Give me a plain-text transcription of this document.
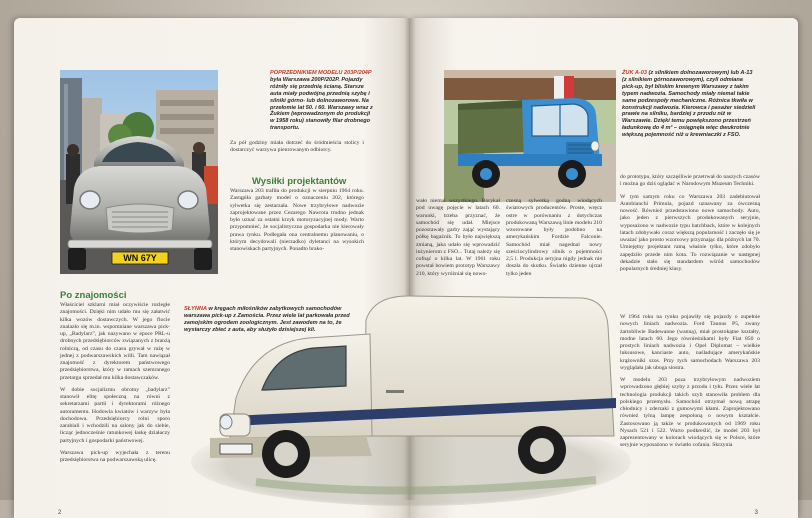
WN 67Y
POPRZEDNIKIEM MODELU 203P/204P była Warszawa 200P/202P. Pojazdy różniły się przednią ścianą. Starsze auta miały podwójną przednią szybę i silniki górno- lub dolnozaworowe. Na przełomie lat 50. i 60. Warszawy wraz z Żukiem (wprowadzonym do produkcji w 1958 roku) stanowiły filar drobnego transportu.

Za pół godziny miała dotrzeć do śródmieścia stolicy i dostarczyć warzywa pienrowanym odbiorcy.

Wysiłki projektantów

Warszawa 203 trafiła do produkcji w sierpniu 1964 roku. Zastąpiła garbaty model o oznaczeniu 202, którego sylwetka się zestarzała. Nowe trzybryłowe nadwozie zaprojektowane przez Cezarego Nawrota trudno jednak było uznać za ostatni krzyk motoryzacyjnej mody. Warto przypomnieć, że socjalistyczna gospodarka nie kierowały prawa rynku. Podlegała ona centralnemu planowaniu, o którym decydowali (nierzadko) dyletanci na wysokich stanowiskach partyjnych. Ponadto brako-

Po znajomości

Właściciel szklarni miał oczywiście rozległe znajomości. Dzięki nim udało mu się załatwić kilka wozów dostawczych. W jego flocie znalazło się m.in. wspomniane warszawa pick-up, „Badylarz”, jak nazywano w epoce PRL-u drobnych przedsiębiorców związanych z branżą rolniczą, od czasu do czasu grywał w rużę w jednej z podwarszawskich willi. Tam nawiązał znajomość z dyrektorem państwowego przedsiębiorstwa, który w ramach szemranego przetargu sprzedał mu kilka dostawczaków.

W dobie socjalizmu obrotny „badylarz” stanowił elitę społeczną na równi z sekretarzami partii i dyrektorami różnego autoramentu. Hodowla kwiatów i warzyw była dochodowa. Przedsiębiorcy rolni sporo zarabiali i wchodzili na salony jak do siebie, licząc jednocześnie ratunkowej łaskę działaczy partyjnych i gospodarki państwowej.

Warszawa pick-up wyjechała z terenu przedsiębiorstwa na podwarszawską ulicę.

SŁYNNA w kręgach miłośników zabytkowych samochodów warszawa pick-up z Zamościa. Przez wiele lat parkowała przed zamojskim ogrodem zoologicznym. Jest zawodem na to, że wystarczy zbieć z auta, aby służyło dzisiejszej kli.
2
ŻUK A-03 (z silnikiem dolnozaworowym) lub A-13 (z silnikiem górnozaworowym), czyli odmiana pick-up, był bliskim krewnym Warszawy z takim typem nadwozia. Samochody miały niemal takie same podzespoły mechaniczne. Różnica tkwiła w konstrukcji nadwozia. Kierowca i pasażer siedzieli prawie na silniku, bardziej z przodu niż w Warszawie. Dzięki temu powiększono przestrzeń ładunkową do 4 m³ – osiągnęła więc dwukrotnie większą pojemność niż u krewniaczki z FSO.

do prototypu, który szczęśliwie przetrwał do naszych czasów i można go dziś oglądać w Narodowym Muzeum Techniki.

W tym samym roku co Warszawa 203 zadebiutował Autobianchi Primula, pojazd uznawany za ówczesną nowość. Również przedstawiono nowe samochody. Auto, jako jeden z pierwszych produkowanych seryjnie, wyposażono w nadwozie typu hatchback, które w kolejnych latach zdobywało coraz większą popularność i zaczęło się je uważać jako prosto wzorcowy przyznając dla późnych lat 70. Umiejętny projektant ramą właśnie tylko, które zdobyło zapędziło przede nim kota. To rozwiązanie w następnej dekadzie stało się standardem wśród samochodów popularnych średniej klasy.

W 1964 roku na rynku pojawiły się pojazdy o zupełnie nowych liniach nadwozia. Ford Taunus P5, zwany żartobliwie Badewanne (wanną), miał prostokątne kształty, modne latach 60. Jego równieśnikami były Fiat 850 o prostych liniach nadwozia i Opel Diplomat – wielkie luksusowe, kanciaste auto, naśladujące amerykańskie krążowniki szos. Przy tych samochodach Warszawa 203 wyglądała jak uboga siostra.

W modelu 203 poza trzybryłowym nadwoziem wprowadzono głębiej szyby z przodu i tyłu. Przez wiele lat technologia produkcji takich szyb stanowiła problem dla polskiego przemysłu. Samochód otrzymał nową atrapę chłodnicy i zderzaki z gumowymi kłami. Zaprojektowano również tylną lampę zespoloną o nowym kształcie. Zastosowano ją także w produkowanych od 1969 roku Nysach 521 i 522. Warto podkreślić, że model 203 był zaprezentowany w kolorach wiodących się w Polsce, które seryjnie wyposażono w światło cofania. Skrzynia

3

wało niemal wszystkiego. Borykał pod uwagę pojęcie w latach 60. warunki, trzeba przyznać, że samochód się udał. Miejsce pozostawały garby zająć wystający półkę bagażnik. To było największą zmianą, jaka udało się wprowadzić inżynierom z FSO... Tutaj należy się cofnąć o kilka lat. W 1961 roku powstał bowiem prototyp Warszawy 210, który wyróżniał się nowo-

czesną sylwetką godną wiodących światowych producentów. Proste, wręcz ostre w porównaniu z dotychczas produkowaną Warszawą linie modelu 210 wzorowane były podobno na amerykańskim Fordzie Falconie. Samochód miał nagednal nowy sześciocylindrowy silnik o pojemności 2,5 l. Produkcja seryjna nigdy jednak nie doszła do skutku. Światło dzienne ujrzał tylko jeden
